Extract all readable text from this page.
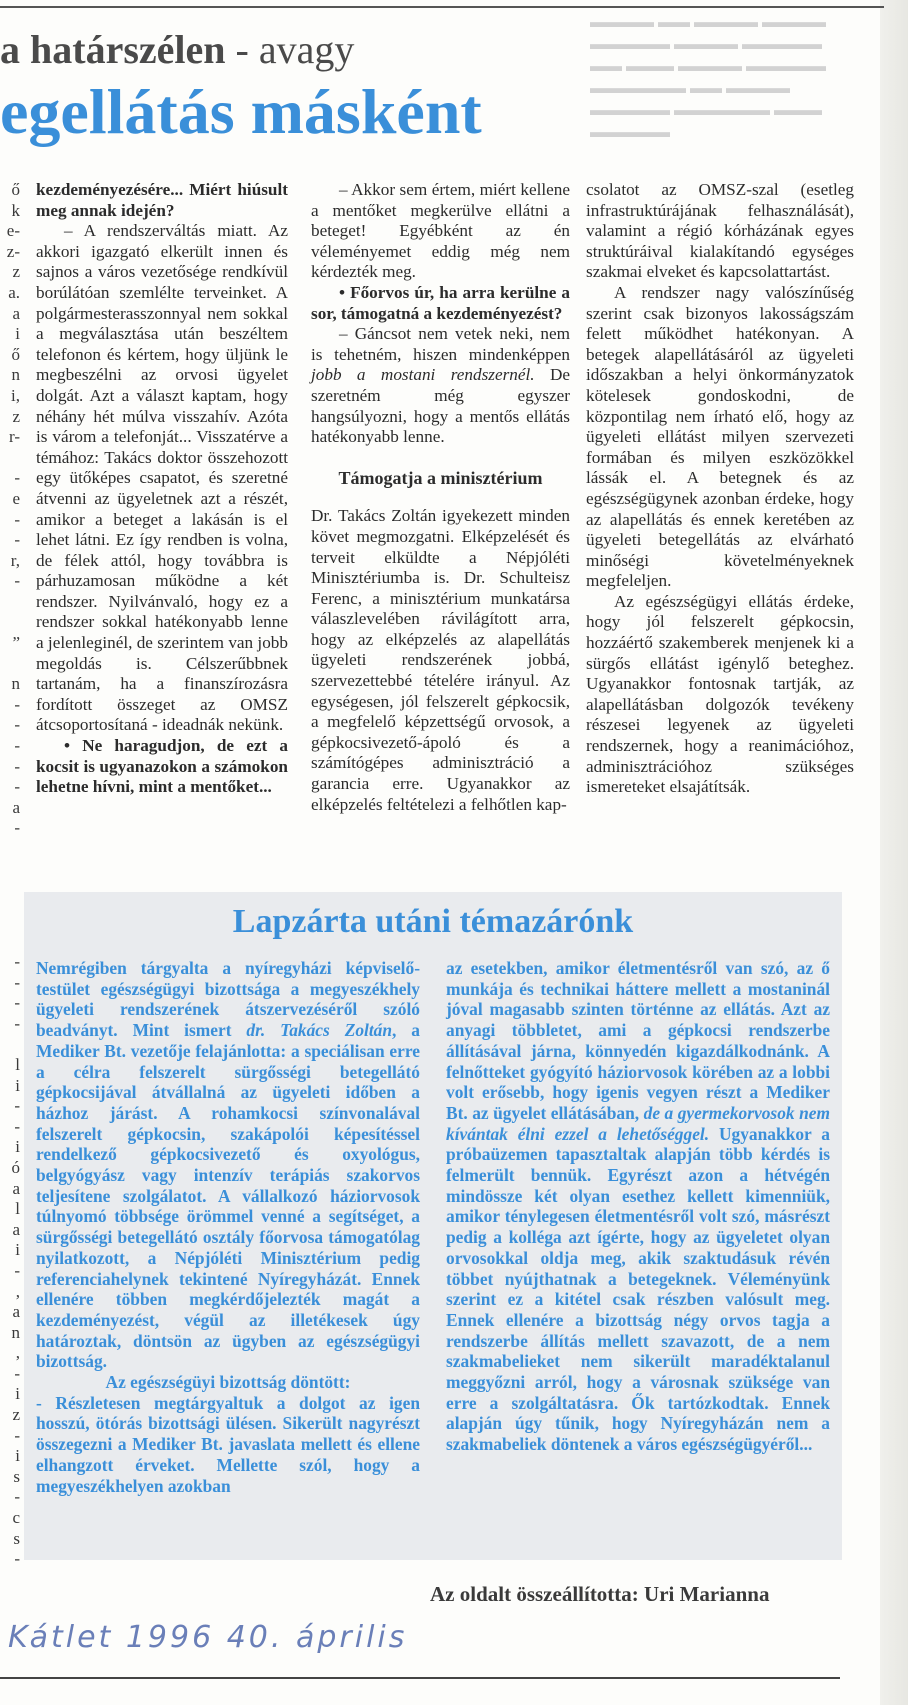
▬▬▬▬ ▬▬ ▬▬▬▬ ▬▬▬▬
▬▬▬▬▬ ▬▬▬▬ ▬▬▬▬▬
▬▬ ▬▬▬ ▬▬▬▬ ▬▬▬▬▬
▬▬▬▬▬▬ ▬▬ ▬▬▬▬
▬▬▬▬▬ ▬▬▬▬▬▬ ▬▬▬
▬▬▬▬▬
a határszélen - avagy
egellátás másként
ő
k
e-
z-
z
a.
a
i
ő
n
i,
z
r-

-
e
-
-
r,
-

”

n
-
-
-
-
-
a
-
-
-
-
-

l
i
-
-
i
ó
a
l
a
i
-
,
a
n
,
-
i
z
-
i
s
-
c
s
-

kezdeményezésére... Miért hiúsult meg annak idején?

– A rendszerváltás miatt. Az akkori igazgató elkerült innen és sajnos a város vezetősége rendkívül borúlátóan szemlélte terveinket. A polgármesterasszonnyal nem sokkal a megválasztása után beszéltem telefonon és kértem, hogy üljünk le megbeszélni az orvosi ügyelet dolgát. Azt a választ kaptam, hogy néhány hét múlva visszahív. Azóta is várom a telefonját... Visszatérve a témához: Takács doktor összehozott egy ütőképes csapatot, és szeretné átvenni az ügyeletnek azt a részét, amikor a beteget a lakásán is el lehet látni. Ez így rendben is volna, de félek attól, hogy továbbra is párhuzamosan működne a két rendszer. Nyilvánvaló, hogy ez a rendszer sokkal hatékonyabb lenne a jelenleginél, de szerintem van jobb megoldás is. Célszerűbbnek tartanám, ha a finanszírozásra fordított összeget az OMSZ átcsoportosítaná - ideadnák nekünk.

• Ne haragudjon, de ezt a kocsit is ugyanazokon a számokon lehetne hívni, mint a mentőket...

– Akkor sem értem, miért kellene a mentőket megkerülve ellátni a beteget! Egyébként az én véleményemet eddig még nem kérdezték meg.

• Főorvos úr, ha arra kerülne a sor, támogatná a kezdeményezést?

– Gáncsot nem vetek neki, nem is tehetném, hiszen mindenképpen jobb a mostani rendszernél. De szeretném még egyszer hangsúlyozni, hogy a mentős ellátás hatékonyabb lenne.

Támogatja a minisztérium

Dr. Takács Zoltán igyekezett minden követ megmozgatni. Elképzelését és terveit elküldte a Népjóléti Minisztériumba is. Dr. Schulteisz Ferenc, a minisztérium munkatársa válaszlevelében rávilágított arra, hogy az elképzelés az alapellátás ügyeleti rendszerének jobbá, szervezettebbé tételére irányul. Az egységesen, jól felszerelt gépkocsik, a megfelelő képzettségű orvosok, a gépkocsivezető-ápoló és a számítógépes adminisztráció a garancia erre. Ugyanakkor az elképzelés feltételezi a felhőtlen kap-

csolatot az OMSZ-szal (esetleg infrastruktúrájának felhasználását), valamint a régió kórházának egyes struktúráival kialakítandó egységes szakmai elveket és kapcsolattartást.

A rendszer nagy valószínűség szerint csak bizonyos lakosságszám felett működhet hatékonyan. A betegek alapellátásáról az ügyeleti időszakban a helyi önkormányzatok kötelesek gondoskodni, de központilag nem írható elő, hogy az ügyeleti ellátást milyen szervezeti formában és milyen eszközökkel lássák el. A betegnek és az egészségügynek azonban érdeke, hogy az alapellátás és ennek keretében az ügyeleti betegellátás az elvárható minőségi követelményeknek megfeleljen.

Az egészségügyi ellátás érdeke, hogy jól felszerelt gépkocsin, hozzáértő szakemberek menjenek ki a sürgős ellátást igénylő beteghez. Ugyanakkor fontosnak tartják, az alapellátásban dolgozók tevékeny részesei legyenek az ügyeleti rendszernek, hogy a reanimációhoz, adminisztrációhoz szükséges ismereteket elsajátítsák.

Lapzárta utáni témazárónk

Nemrégiben tárgyalta a nyíregyházi képviselő-testület egészségügyi bizottsága a megyeszékhely ügyeleti rendszerének átszervezéséről szóló beadványt. Mint ismert dr. Takács Zoltán, a Mediker Bt. vezetője felajánlotta: a speciálisan erre a célra felszerelt sürgősségi betegellátó gépkocsijával átvállalná az ügyeleti időben a házhoz járást. A rohamkocsi színvonalával felszerelt gépkocsin, szakápolói képesítéssel rendelkező gépkocsivezető és oxyológus, belgyógyász vagy intenzív terápiás szakorvos teljesítene szolgálatot. A vállalkozó háziorvosok túlnyomó többsége örömmel venné a segítséget, a sürgősségi betegellátó osztály főorvosa támogatólag nyilatkozott, a Népjóléti Minisztérium pedig referenciahelynek tekintené Nyíregyházát. Ennek ellenére többen megkérdőjelezték magát a kezdeményezést, végül az illetékesek úgy határoztak, döntsön az ügyben az egészségügyi bizottság.

Az egészségüyi bizottság döntött:

- Részletesen megtárgyaltuk a dolgot az igen hosszú, ötórás bizottsági ülésen. Sikerült nagyrészt összegezni a Mediker Bt. javaslata mellett és ellene elhangzott érveket. Mellette szól, hogy a megyeszékhelyen azokban

az esetekben, amikor életmentésről van szó, az ő munkája és technikai háttere mellett a mostaninál jóval magasabb szinten történne az ellátás. Azt az anyagi többletet, ami a gépkocsi rendszerbe állításával járna, könnyedén kigazdálkodnánk. A felnőtteket gyógyító háziorvosok körében az a lobbi volt erősebb, hogy igenis vegyen részt a Mediker Bt. az ügyelet ellátásában, de a gyermekorvosok nem kívántak élni ezzel a lehetőséggel. Ugyanakkor a próbaüzemen tapasztaltak alapján több kérdés is felmerült bennük. Egyrészt azon a hétvégén mindössze két olyan esethez kellett kimenniük, amikor ténylegesen életmentésről volt szó, másrészt pedig a kolléga azt ígérte, hogy az ügyeletet olyan orvosokkal oldja meg, akik szaktudásuk révén többet nyújthatnak a betegeknek. Véleményünk szerint ez a kitétel csak részben valósult meg. Ennek ellenére a bizottság négy orvos tagja a rendszerbe állítás mellett szavazott, de a nem szakmabelieket nem sikerült maradéktalanul meggyőzni arról, hogy a városnak szüksége van erre a szolgáltatásra. Ők tartózkodtak. Ennek alapján úgy tűnik, hogy Nyíregyházán nem a szakmabeliek döntenek a város egészségügyéről...

Az oldalt összeállította: Uri Marianna
Kátlet 1996 40. április
